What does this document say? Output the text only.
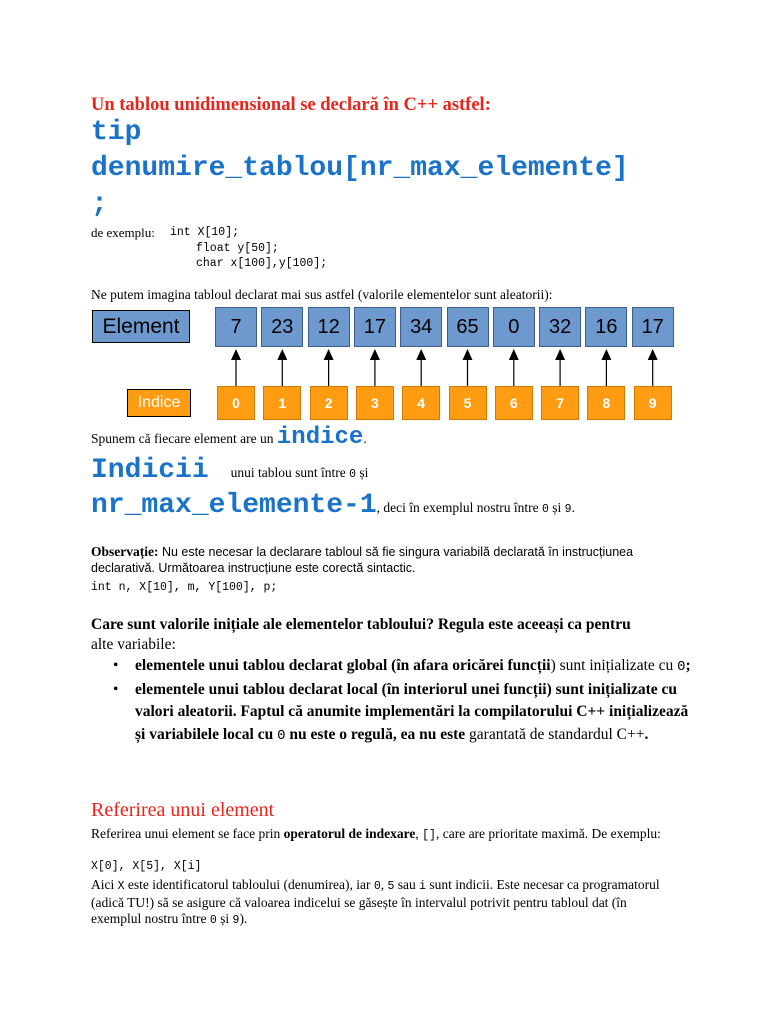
Un tablou unidimensional se declară în C++ astfel:
tip
denumire_tablou[nr_max_elemente]
;
de exemplu: int X[10];
float y[50];
char x[100],y[100];
Ne putem imagina tabloul declarat mai sus astfel (valorile elementelor sunt aleatorii):
Element	7	23	12	17	34	65	0	32	16	17
Indice	0	1	2	3	4	5	6	7	8	9
Spunem că fiecare element are un indice.
Indicii unui tablou sunt între 0 și
nr_max_elemente-1, deci în exemplul nostru între 0 și 9.
Observație: Nu este necesar la declarare tabloul să fie singura variabilă declarată în instrucțiunea declarativă. Următoarea instrucțiune este corectă sintactic.
int n, X[10], m, Y[100], p;
Care sunt valorile inițiale ale elementelor tabloului? Regula este aceeași ca pentru
alte variabile:
• elementele unui tablou declarat global (în afara oricărei funcții) sunt inițializate cu 0;
• elementele unui tablou declarat local (în interiorul unei funcții) sunt inițializate cu valori aleatorii. Faptul că anumite implementări la compilatorului C++ inițializează și variabilele local cu 0 nu este o regulă, ea nu este garantată de standardul C++.
Referirea unui element
Referirea unui element se face prin operatorul de indexare, [], care are prioritate maximă. De exemplu:
X[0], X[5], X[i]
Aici X este identificatorul tabloului (denumirea), iar 0, 5 sau i sunt indicii. Este necesar ca programatorul (adică TU!) să se asigure că valoarea indicelui se găsește în intervalul potrivit pentru tabloul dat (în exemplul nostru între 0 și 9).
